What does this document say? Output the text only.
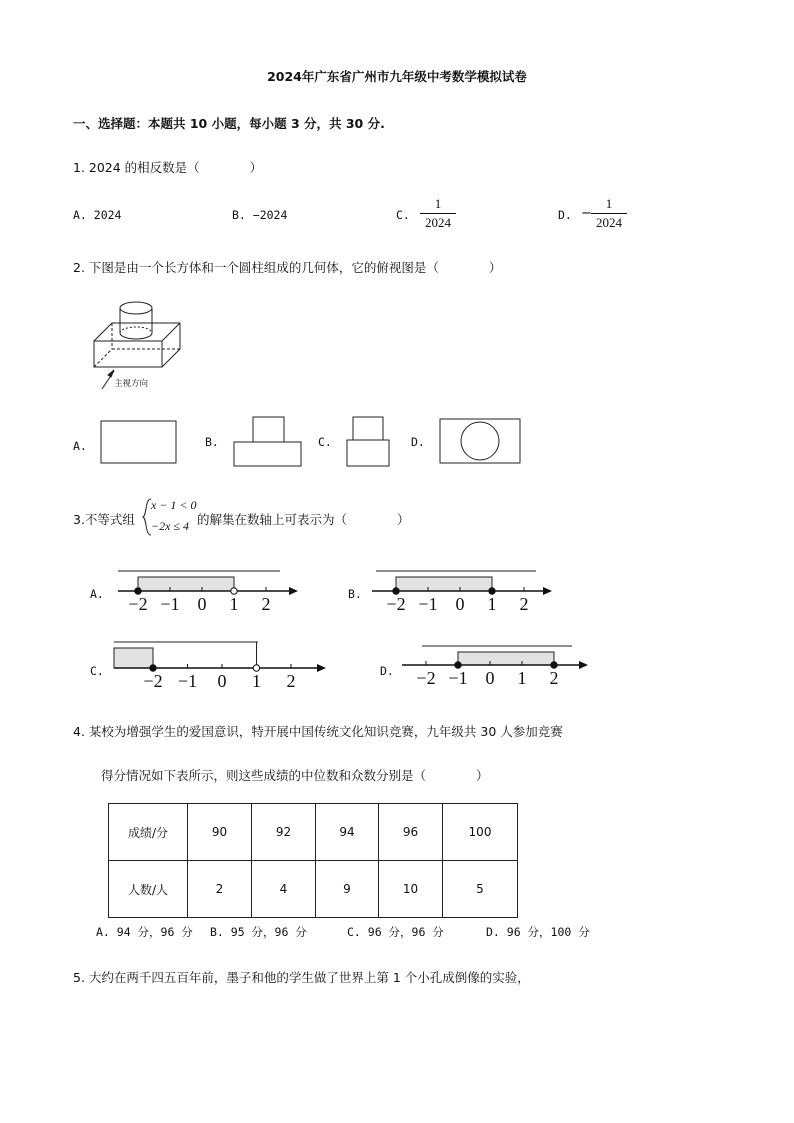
2024年广东省广州市九年级中考数学模拟试卷
一、选择题：本题共 10 小题，每小题 3 分，共 30 分.
1. 2024 的相反数是（　　　　）
A. 2024	B. −2024	C.
1
2024	D. −
1
2024
2. 下图是由一个长方体和一个圆柱组成的几何体，它的俯视图是（　　　　）
主视方向
A.	B.	C.	D.
3.不等式组
x − 1 < 0
−2x ≤ 4 的解集在数轴上可表示为（　　　　）
A.	B.
C.	D.
−2 −1 0 1 2	−2 −1 0 1 2
−2 −1 0 1 2	−2 −1 0 1 2
4. 某校为增强学生的爱国意识，特开展中国传统文化知识竞赛，九年级共 30 人参加竞赛
得分情况如下表所示，则这些成绩的中位数和众数分别是（　　　　）
成绩/分	90	92	94	96	100
人数/人	2	4	9	10	5
A. 94 分，96 分 B. 95 分，96 分	C. 96 分，96 分	D. 96 分，100 分
5. 大约在两千四五百年前，墨子和他的学生做了世界上第 1 个小孔成倒像的实验，
